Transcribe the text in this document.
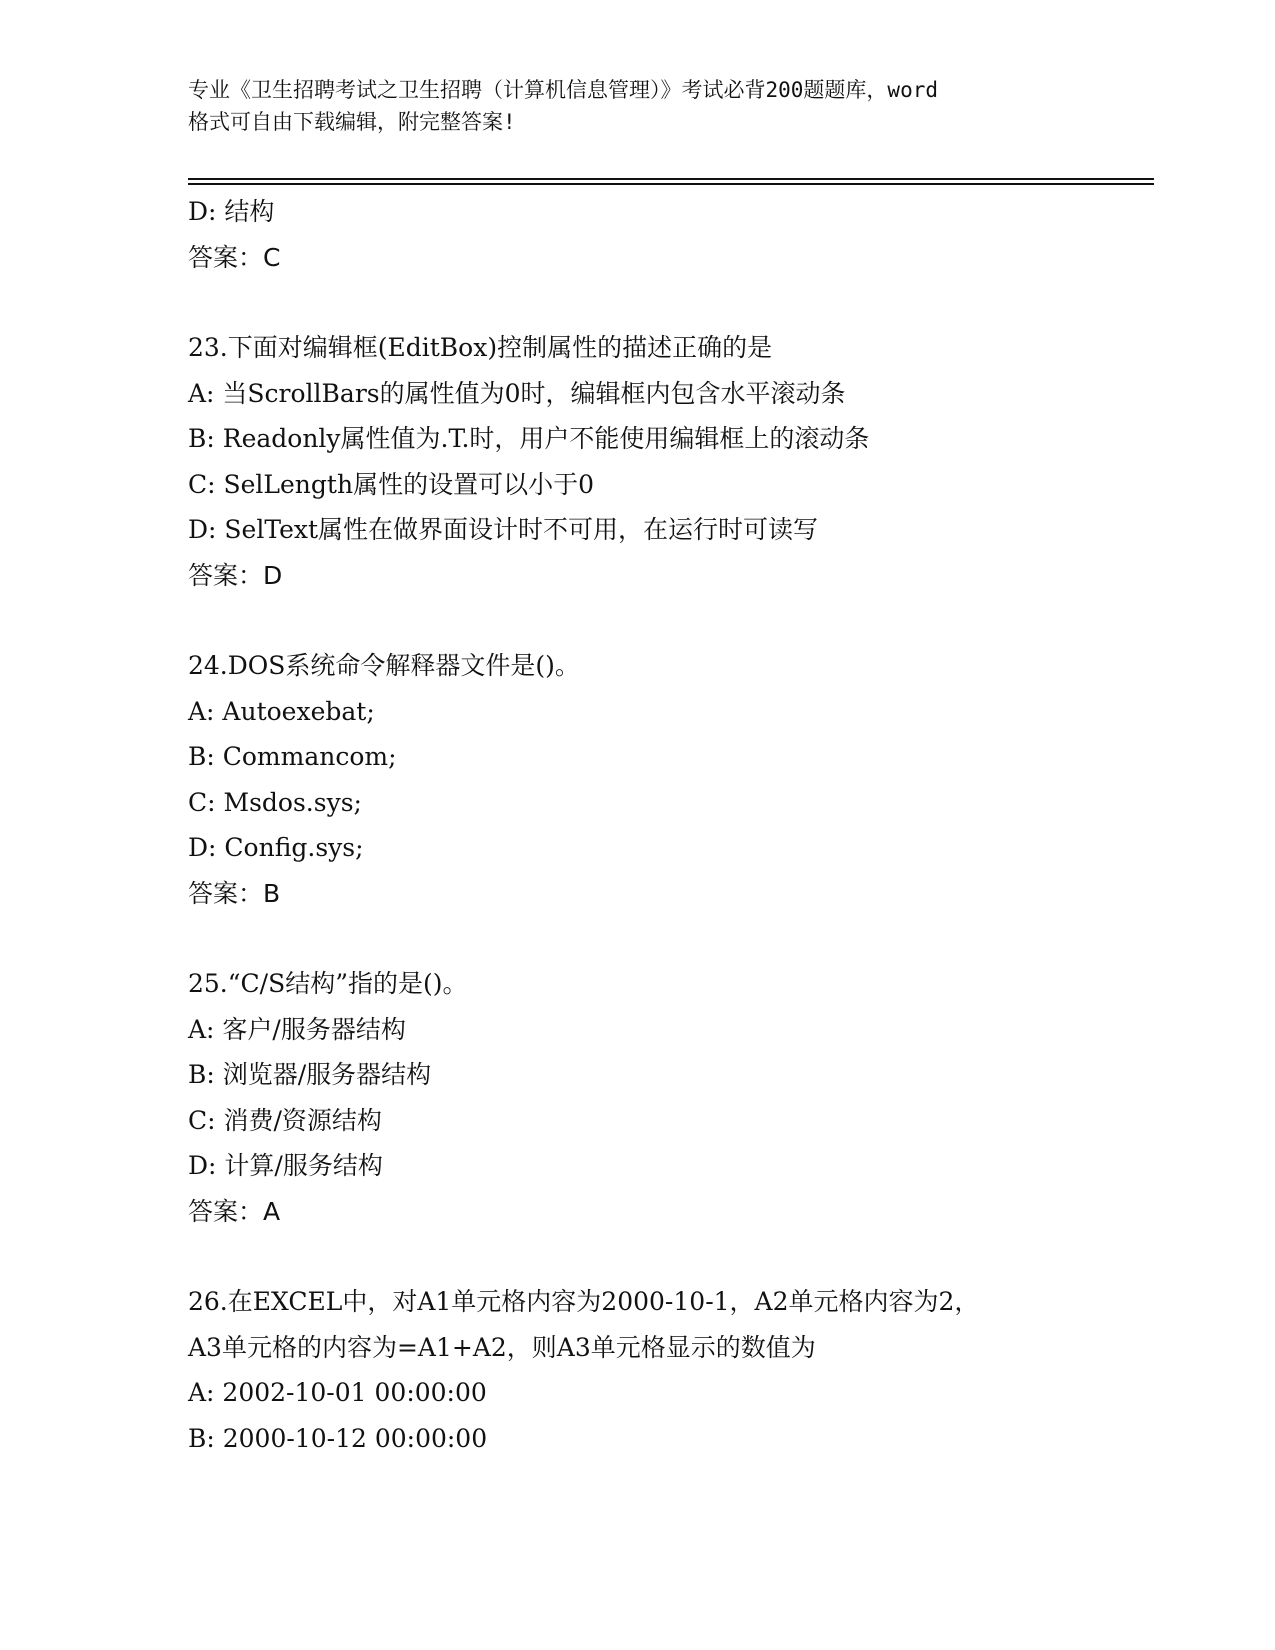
专业《卫生招聘考试之卫生招聘（计算机信息管理）》考试必背200题题库，word
格式可自由下载编辑，附完整答案!
D: 结构
答案：C
23.下面对编辑框(EditBox)控制属性的描述正确的是
A: 当ScrollBars的属性值为0时，编辑框内包含水平滚动条
B: Readonly属性值为.T.时，用户不能使用编辑框上的滚动条
C: SelLength属性的设置可以小于0
D: SelText属性在做界面设计时不可用，在运行时可读写
答案：D
24.DOS系统命令解释器文件是()。
A: Autoexebat;
B: Commancom;
C: Msdos.sys;
D: Config.sys;
答案：B
25.“C/S结构”指的是()。
A: 客户/服务器结构
B: 浏览器/服务器结构
C: 消费/资源结构
D: 计算/服务结构
答案：A
26.在EXCEL中，对A1单元格内容为2000-10-1，A2单元格内容为2，
A3单元格的内容为=A1+A2，则A3单元格显示的数值为
A: 2002-10-01 00:00:00
B: 2000-10-12 00:00:00
